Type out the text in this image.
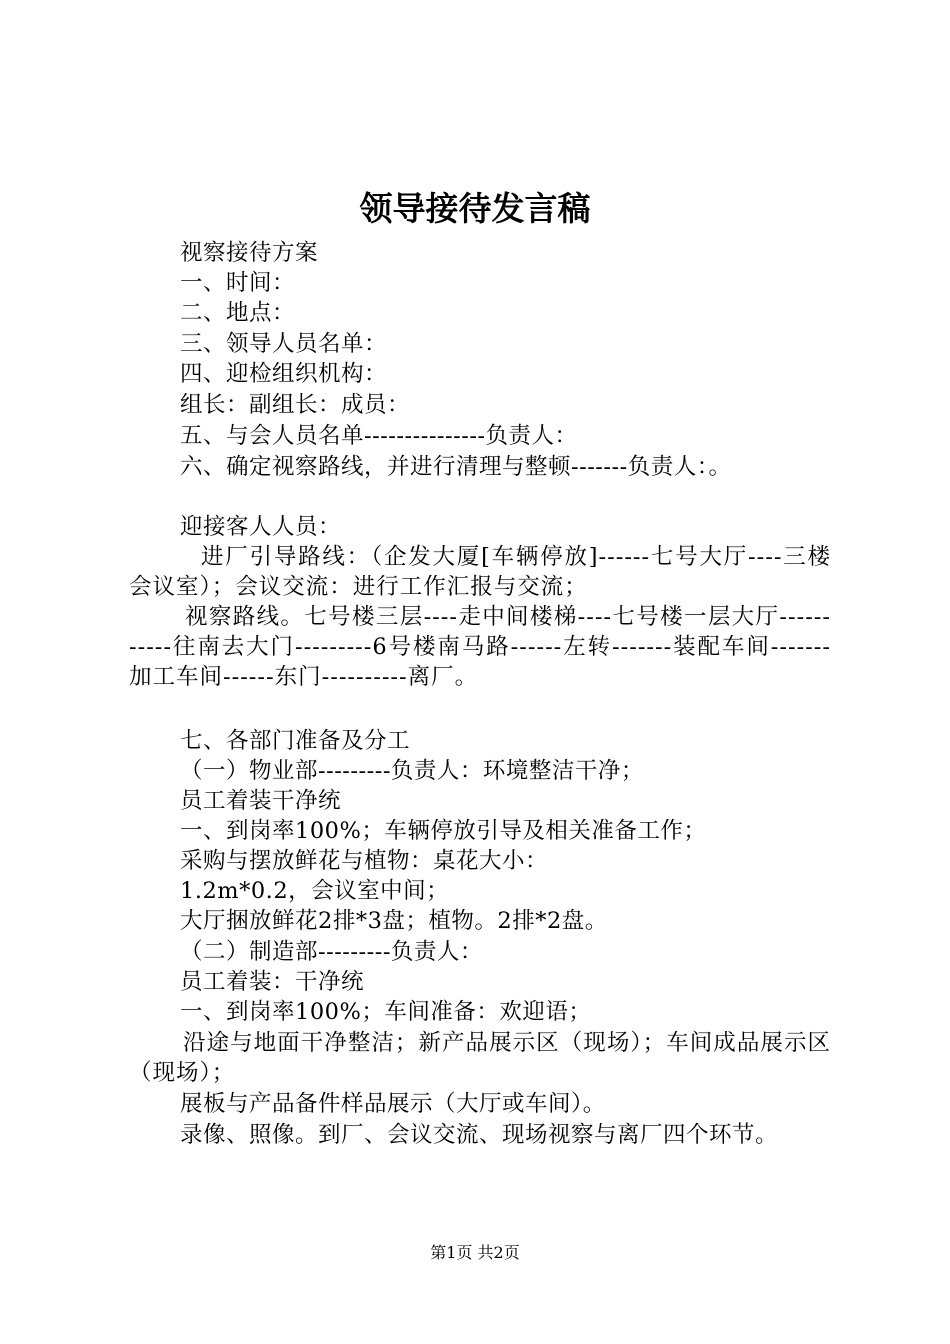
领导接待发言稿
视察接待方案
一、时间：
二、地点：
三、领导人员名单：
四、迎检组织机构：
组长：副组长：成员：
五、与会人员名单---------------负责人：
六、确定视察路线，并进行清理与整顿-------负责人：。
迎接客人人员：
进厂引导路线：（企发大厦[车辆停放]------七号大厅----三楼会议室）；会议交流：进行工作汇报与交流；
视察路线。七号楼三层----走中间楼梯----七号楼一层大厅-----------往南去大门---------6号楼南马路------左转-------装配车间-------加工车间------东门----------离厂。
七、各部门准备及分工
（一）物业部---------负责人：环境整洁干净；
员工着装干净统
一、到岗率100%；车辆停放引导及相关准备工作；
采购与摆放鲜花与植物：桌花大小：
1.2m*0.2，会议室中间；
大厅捆放鲜花2排*3盘；植物。2排*2盘。
（二）制造部---------负责人：
员工着装：干净统
一、到岗率100%；车间准备：欢迎语；
沿途与地面干净整洁；新产品展示区（现场）；车间成品展示区（现场）；
展板与产品备件样品展示（大厅或车间）。
录像、照像。到厂、会议交流、现场视察与离厂四个环节。
第1页 共2页
